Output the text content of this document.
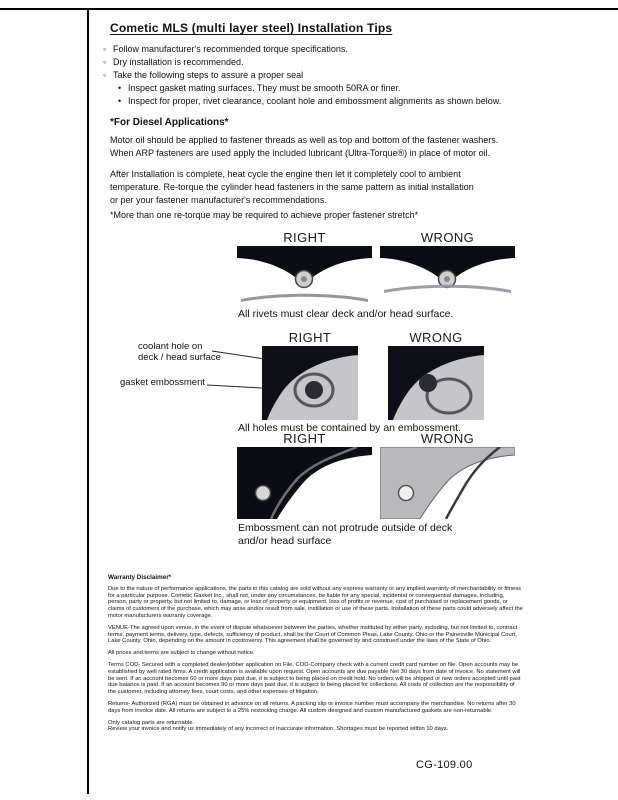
Cometic MLS (multi layer steel) Installation Tips
◦ Follow manufacturer's recommended torque specifications.
◦ Dry installation is recommended.
◦ Take the following steps to assure a proper seal
• Inspect gasket mating surfaces. They must be smooth 50RA or finer.
• Inspect for proper, rivet clearance, coolant hole and embossment alignments as shown below.
*For Diesel Applications*
Motor oil should be applied to fastener threads as well as top and bottom of the fastener washers.
When ARP fasteners are used apply the included lubricant (Ultra-Torque®) in place of motor oil.
After Installation is complete, heat cycle the engine then let it completely cool to ambient
temperature. Re-torque the cylinder head fasteners in the same pattern as initial installation
or per your fastener manufacturer's recommendations.
*More than one re-torque may be required to achieve proper fastener stretch*
RIGHT	WRONG
All rivets must clear deck and/or head surface.
RIGHT	WRONG
coolant hole on
deck / head surface
gasket embossment
All holes must be contained by an embossment.
RIGHT	WRONG
Embossment can not protrude outside of deck
and/or head surface
Warranty Disclaimer*

Due to the nature of performance applications, the parts in this catalog are sold without any express warranty or any implied warranty of merchantability or fitness for a particular purpose. Cometic Gasket Inc., shall not, under any circumstances, be liable for any special, incidental or consequential damages, including, person, party or property, but not limited to, damage, or loss of property or equipment, loss of profits or revenue, cost of purchased or replacement goods, or claims of customers of the purchase, which may arise and/or result from sale, instillation or use of these parts. Installation of these parts could adversely affect the motor manufacturers warranty coverage.

VENUE-The agreed upon venue, in the event of dispute whatsoever between the parties, whether instituted by either party, including, but not limited to, contract terms, payment terms, delivery, type, defects, sufficiency of product, shall be the Court of Common Pleas, Lake County, Ohio or the Painesville Municipal Court, Lake County, Ohio, depending on the amount in controversy. This agreement shall be governed by and construed under the laws of the State of Ohio.

All prices and terms are subject to change without notice.

Terms COD- Secured with a completed dealer/jobber application on File, COD-Company check with a current credit card number on file. Open accounts may be established by well rated firms. A credit application is available upon request. Open accounts are due payable Net 30 days from date of invoice. No statement will be sent. If an account becomes 60 or more days past due, it is subject to being placed on credit hold. No orders will be shipped or new orders accepted until past due balance is paid. If an account becomes 90 or more days past due, it is subject to being placed for collections. All costs of collection are the responsibility of the customer, including attorney fees, court costs, and other expenses of litigation.

Returns- Authorized (RGA) must be obtained in advance on all returns. A packing slip or invoice number must accompany the merchandise. No returns after 30 days from invoice date. All returns are subject to a 25% restocking charge. All custom designed and custom manufactured gaskets are non-returnable.

Only catalog parts are returnable.

Review your invoice and notify us immediately of any incorrect or inaccurate information. Shortages must be reported within 10 days.

CG-109.00
